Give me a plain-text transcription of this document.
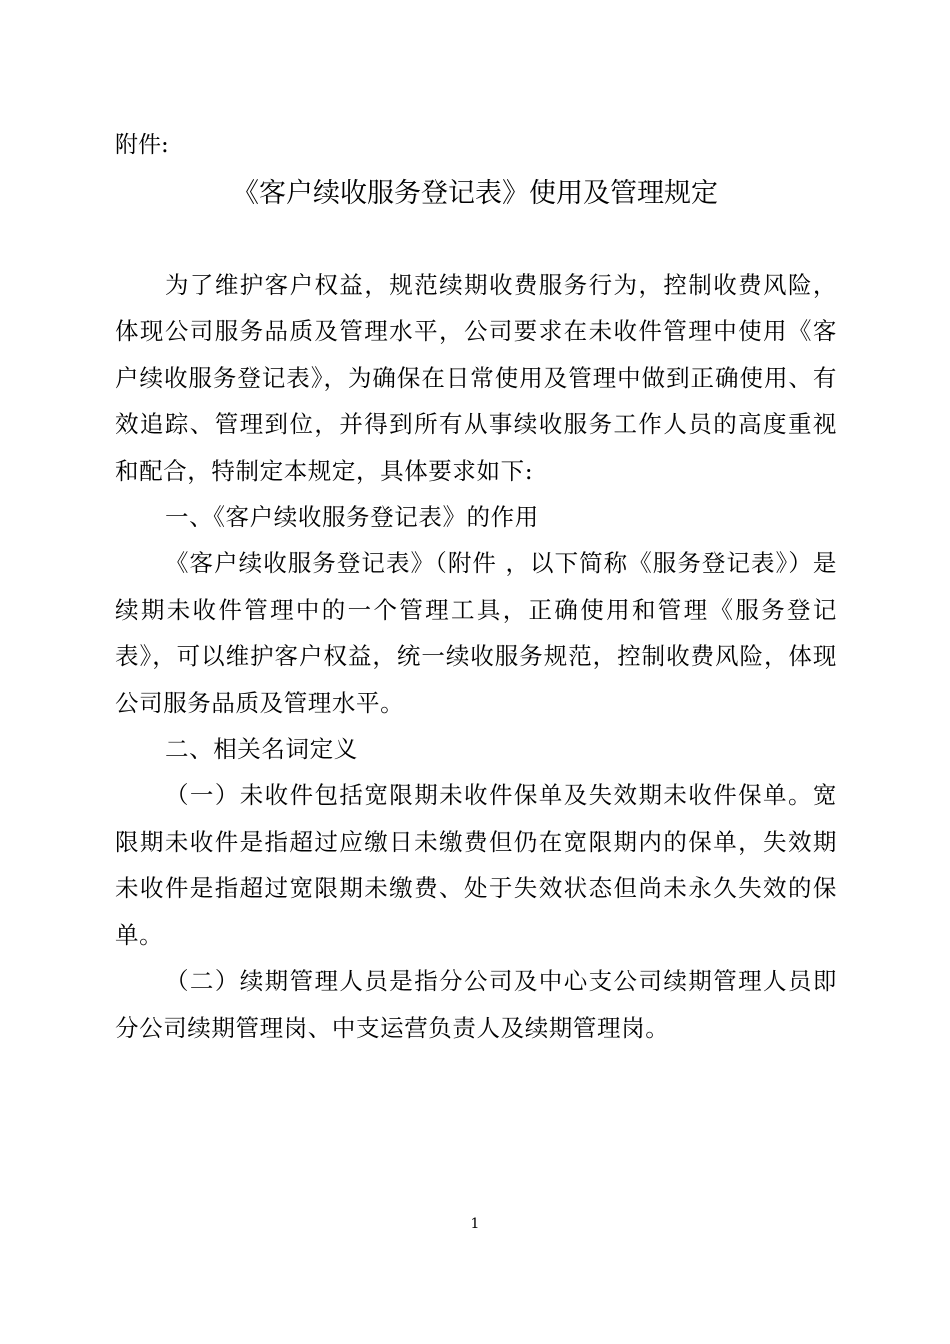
附件:
《客户续收服务登记表》使用及管理规定

为了维护客户权益，规范续期收费服务行为，控制收费风险，体现公司服务品质及管理水平，公司要求在未收件管理中使用《客户续收服务登记表》，为确保在日常使用及管理中做到正确使用、有效追踪、管理到位，并得到所有从事续收服务工作人员的高度重视和配合，特制定本规定，具体要求如下:

一、《客户续收服务登记表》的作用

《客户续收服务登记表》（附件 ，以下简称《服务登记表》）是续期未收件管理中的一个管理工具，正确使用和管理《服务登记表》，可以维护客户权益，统一续收服务规范，控制收费风险，体现公司服务品质及管理水平。

二、相关名词定义

（一）未收件包括宽限期未收件保单及失效期未收件保单。宽限期未收件是指超过应缴日未缴费但仍在宽限期内的保单，失效期未收件是指超过宽限期未缴费、处于失效状态但尚未永久失效的保单。

（二）续期管理人员是指分公司及中心支公司续期管理人员即分公司续期管理岗、中支运营负责人及续期管理岗。

1
